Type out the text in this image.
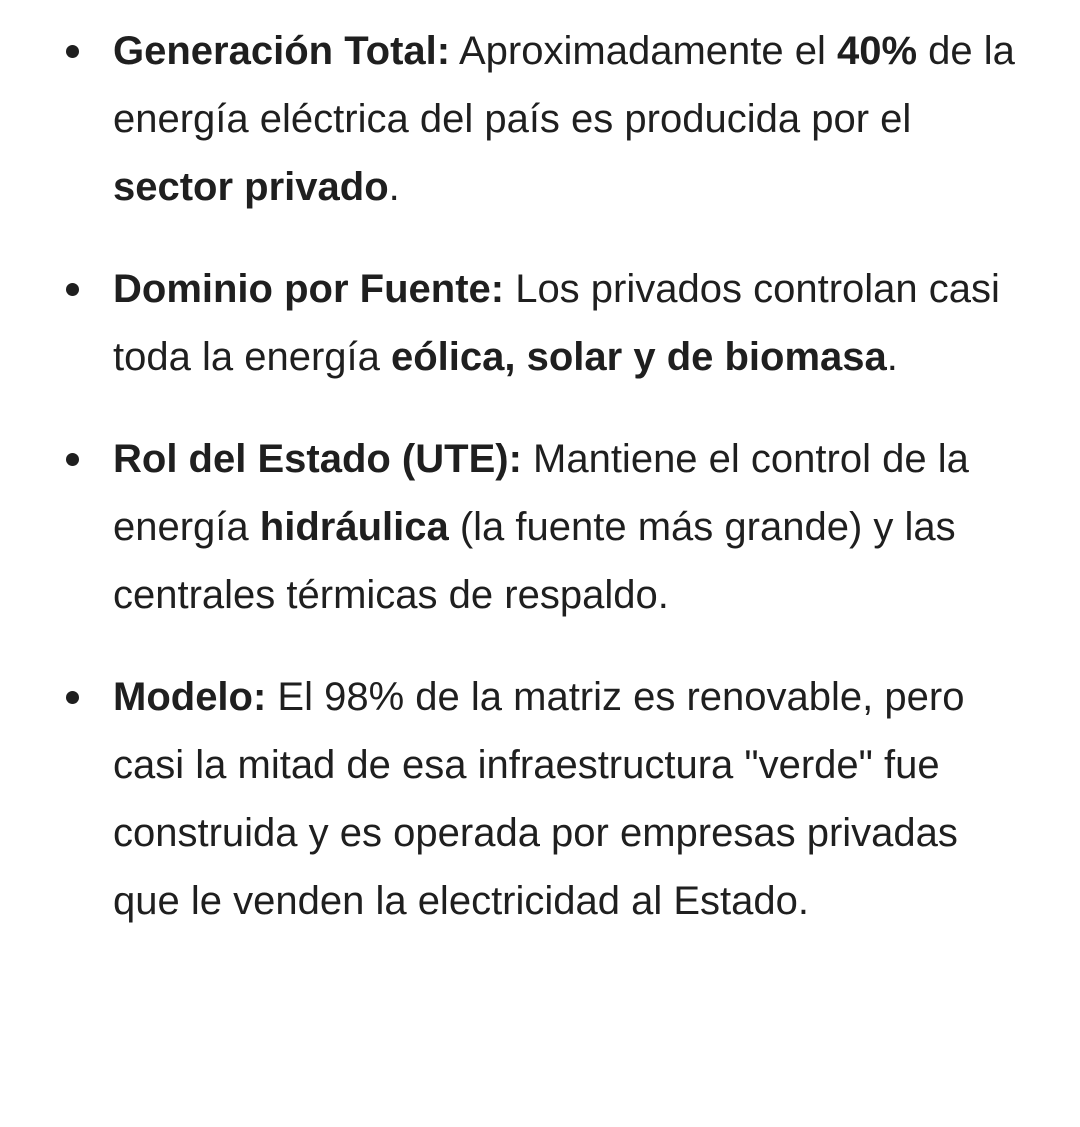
Generación Total: Aproximadamente el 40% de la energía eléctrica del país es producida por el sector privado.
Dominio por Fuente: Los privados controlan casi toda la energía eólica, solar y de biomasa.
Rol del Estado (UTE): Mantiene el control de la energía hidráulica (la fuente más grande) y las centrales térmicas de respaldo.
Modelo: El 98% de la matriz es renovable, pero casi la mitad de esa infraestructura "verde" fue construida y es operada por empresas privadas que le venden la electricidad al Estado.
